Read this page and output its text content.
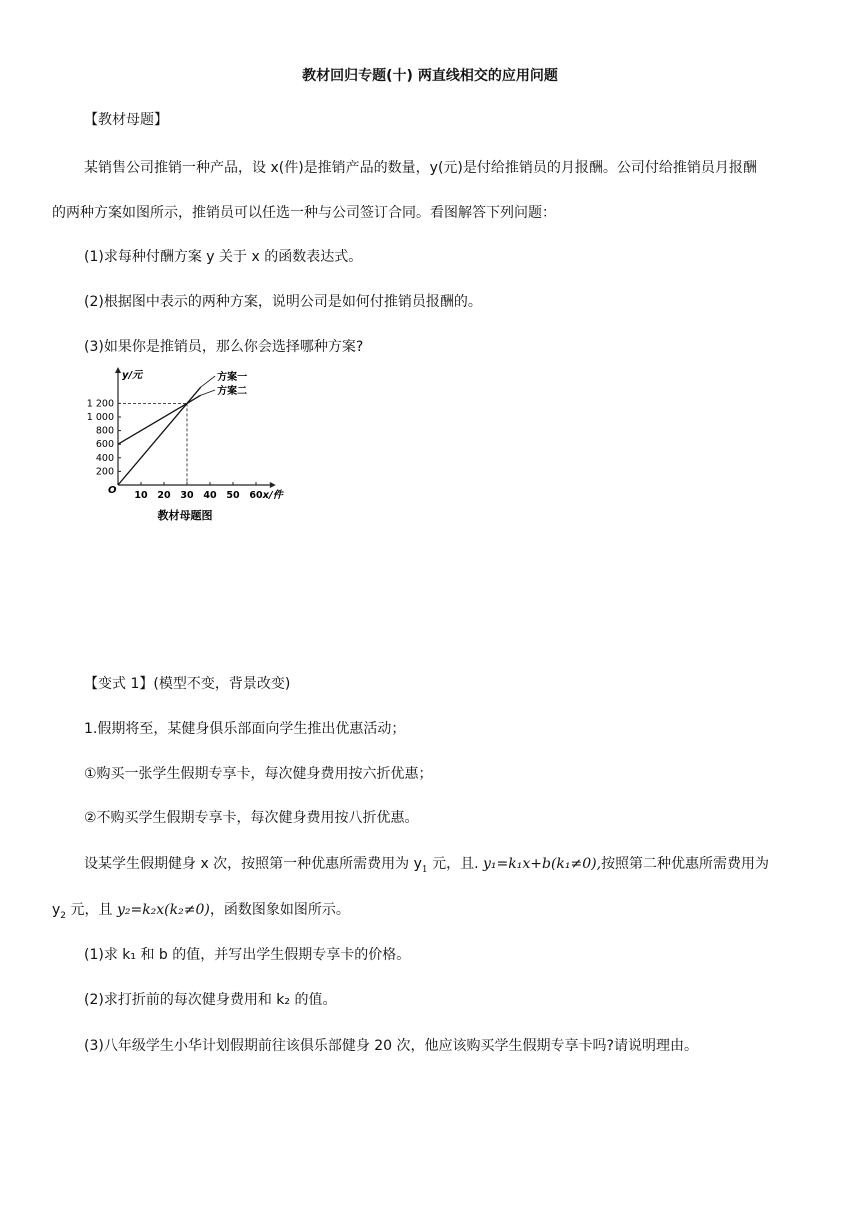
教材回归专题(十) 两直线相交的应用问题
【教材母题】
某销售公司推销一种产品，设 x(件)是推销产品的数量，y(元)是付给推销员的月报酬。公司付给推销员月报酬
的两种方案如图所示，推销员可以任选一种与公司签订合同。看图解答下列问题：
(1)求每种付酬方案 y 关于 x 的函数表达式。
(2)根据图中表示的两种方案，说明公司是如何付推销员报酬的。
(3)如果你是推销员，那么你会选择哪种方案?
y/元
x/件
O 10 20 30 40 50 60
200
400
600
800
1 000
1 200
方案一
方案二
教材母题图
【变式 1】(模型不变，背景改变)
1.假期将至，某健身俱乐部面向学生推出优惠活动；
①购买一张学生假期专享卡，每次健身费用按六折优惠；
②不购买学生假期专享卡，每次健身费用按八折优惠。
设某学生假期健身 x 次，按照第一种优惠所需费用为 $y_1$ 元，且. y₁=k₁x+b(k₁≠0),按照第二种优惠所需费用为
$y_2$ 元，且 y₂=k₂x(k₂≠0)，函数图象如图所示。
(1)求 k₁ 和 b 的值，并写出学生假期专享卡的价格。
(2)求打折前的每次健身费用和 k₂ 的值。
(3)八年级学生小华计划假期前往该俱乐部健身 20 次，他应该购买学生假期专享卡吗?请说明理由。
